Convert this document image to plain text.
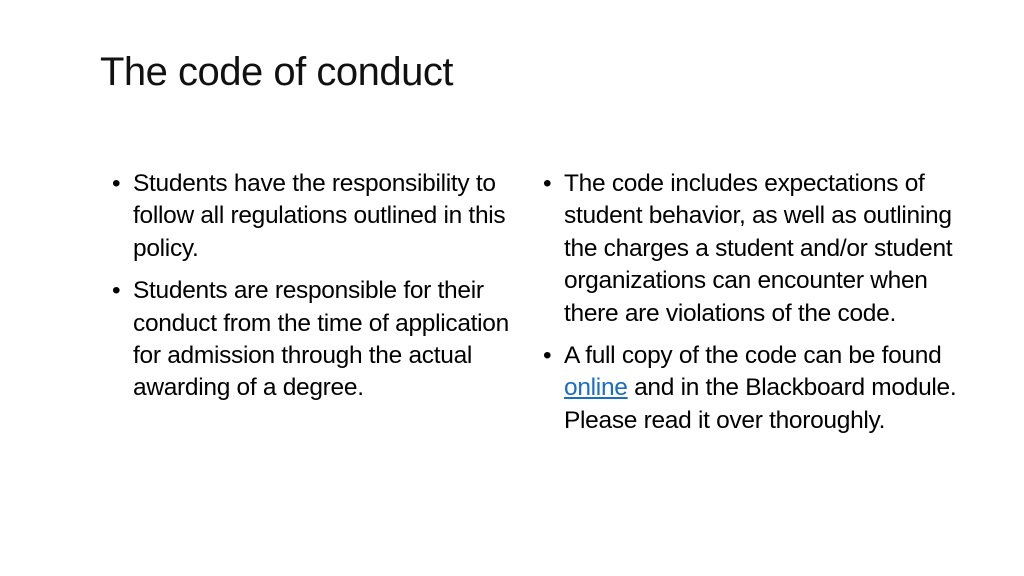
The code of conduct
• Students have the responsibility to follow all regulations outlined in this policy.
• Students are responsible for their conduct from the time of application for admission through the actual awarding of a degree.
• The code includes expectations of student behavior, as well as outlining the charges a student and/or student organizations can encounter when there are violations of the code.
• A full copy of the code can be found online and in the Blackboard module. Please read it over thoroughly.
